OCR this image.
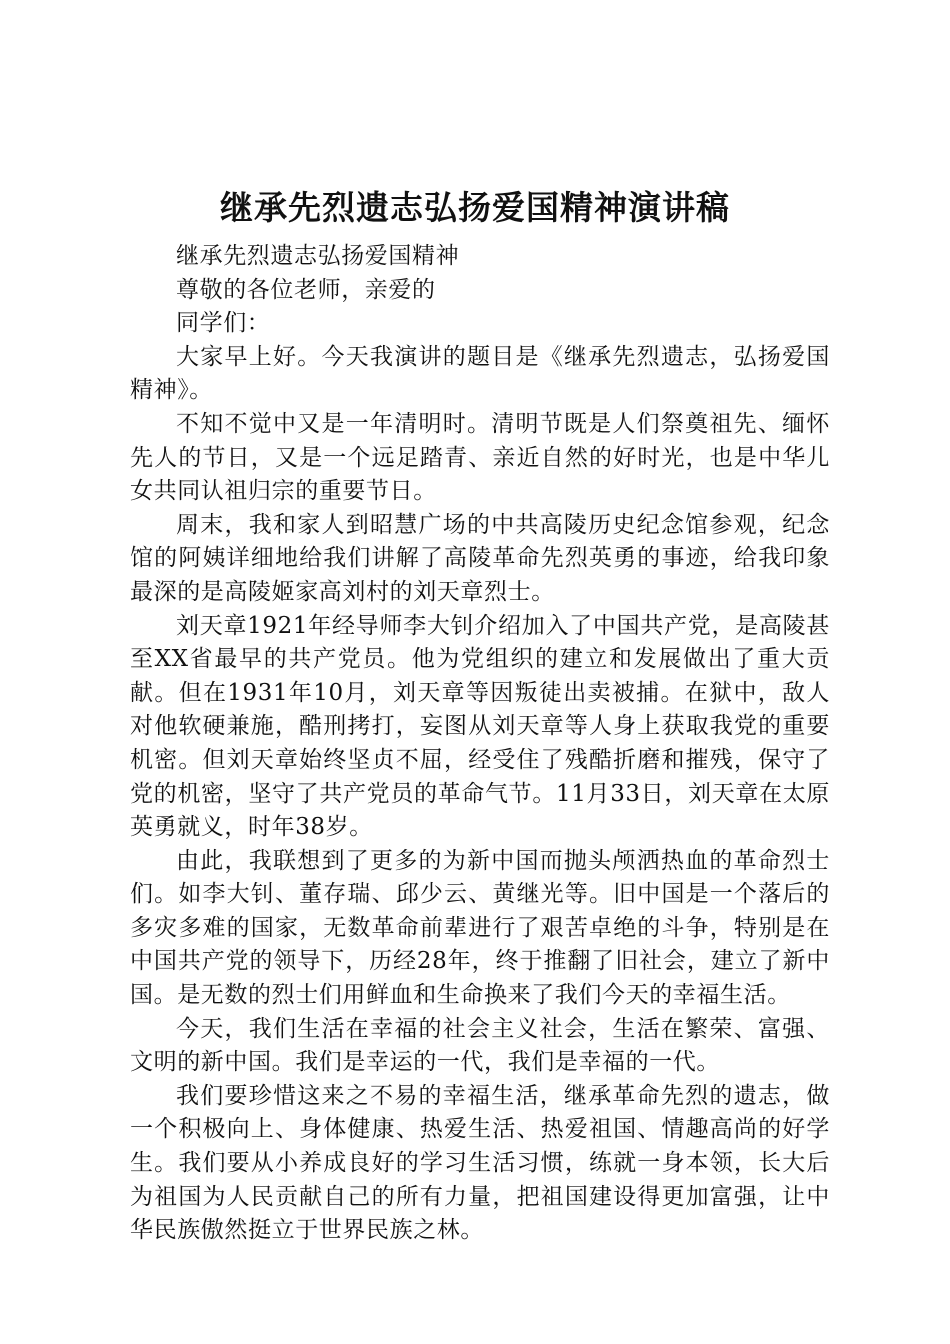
继承先烈遗志弘扬爱国精神演讲稿

继承先烈遗志弘扬爱国精神

尊敬的各位老师，亲爱的

同学们：

大家早上好。今天我演讲的题目是《继承先烈遗志，弘扬爱国精神》。

不知不觉中又是一年清明时。清明节既是人们祭奠祖先、缅怀先人的节日，又是一个远足踏青、亲近自然的好时光，也是中华儿女共同认祖归宗的重要节日。

周末，我和家人到昭慧广场的中共高陵历史纪念馆参观，纪念馆的阿姨详细地给我们讲解了高陵革命先烈英勇的事迹，给我印象最深的是高陵姬家高刘村的刘天章烈士。

刘天章1921年经导师李大钊介绍加入了中国共产党，是高陵甚至XX省最早的共产党员。他为党组织的建立和发展做出了重大贡献。但在1931年10月，刘天章等因叛徒出卖被捕。在狱中，敌人对他软硬兼施，酷刑拷打，妄图从刘天章等人身上获取我党的重要机密。但刘天章始终坚贞不屈，经受住了残酷折磨和摧残，保守了党的机密，坚守了共产党员的革命气节。11月33日，刘天章在太原英勇就义，时年38岁。

由此，我联想到了更多的为新中国而抛头颅洒热血的革命烈士们。如李大钊、董存瑞、邱少云、黄继光等。旧中国是一个落后的多灾多难的国家，无数革命前辈进行了艰苦卓绝的斗争，特别是在中国共产党的领导下，历经28年，终于推翻了旧社会，建立了新中国。是无数的烈士们用鲜血和生命换来了我们今天的幸福生活。

今天，我们生活在幸福的社会主义社会，生活在繁荣、富强、文明的新中国。我们是幸运的一代，我们是幸福的一代。

我们要珍惜这来之不易的幸福生活，继承革命先烈的遗志，做一个积极向上、身体健康、热爱生活、热爱祖国、情趣高尚的好学生。我们要从小养成良好的学习生活习惯，练就一身本领，长大后为祖国为人民贡献自己的所有力量，把祖国建设得更加富强，让中华民族傲然挺立于世界民族之林。
